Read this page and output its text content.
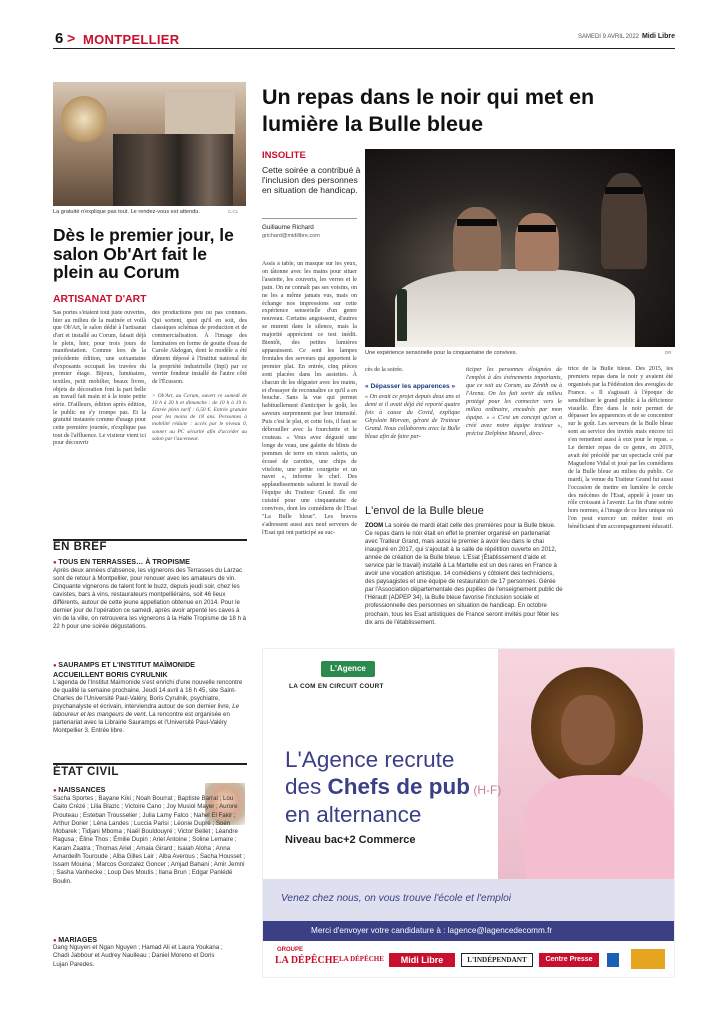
6 > MONTPELLIER	SAMEDI 9 AVRIL 2022 Midi Libre
La gratuité n'explique pas tout. Le rendez-vous est attendu.	C.CL
Dès le premier jour, le salon Ob'Art fait le plein au Corum
ARTISANAT D'ART
Sas portes s'étaient tout juste ouvertes, hier au milieu de la matinée et voilà que Ob'Art, le salon dédié à l'artisanat d'art et installé au Corum, faisait déjà le plein, hier, pour trois jours de manifestation. Comme lors de la précédente édition, une soixantaine d'exposants occupait les travées du premier étage. Bijoux, luminaires, textiles, petit mobilier, beaux livres, objets de décoration font la part belle au travail fait main et à la toute petite série. D'ailleurs, édition après édition, le public ne s'y trompe pas. Et la gratuité instaurée comme d'usage pour cette première journée, n'explique pas tout de l'affluence. Le visiteur vient ici pour découvrir
des productions peu ou pas connues. Qui sortent, quoi qu'il en soit, des classiques schémas de production et de commercialisation. À l'image des luminaires en forme de goutte d'eau de Carole Akdogan, dont le modèle a été dûment déposé à l'Institut national de la propriété industrielle (Inpi) par ce verrier fondeur installé de l'autre côté de l'Écusson.
> Ob'Art, au Corum, ouvert ce samedi de 10 h à 20 h et dimanche : de 10 h à 19 h. Entrée plein tarif : 6,50 €. Entrée gratuite pour les moins de 18 ans. Personnes à mobilité réduite : accès par le niveau 0, sonner au PC sécurité afin d'accéder au salon par l'ascenseur.
EN BREF
● TOUS EN TERRASSES… À TROPISME
Après deux années d'absence, les vignerons des Terrasses du Larzac sont de retour à Montpellier, pour renouer avec les amateurs de vin. Cinquante vignerons de talent font le buzz, depuis jeudi soir, chez les cavistes, bars à vins, restaurateurs montpelliérains, soit 46 lieux différents, autour de cette jeune appellation obtenue en 2014. Pour le dernier jour de l'opération ce samedi, après avoir arpenté les caves à vin de la ville, on retrouvera les vignerons à la Halle Tropisme de 18 h à 22 h pour une soirée dégustations.
● SAURAMPS ET L'INSTITUT MAÏMONIDE ACCUEILLENT BORIS CYRULNIK
L'agenda de l'Institut Maïmonide s'est enrichi d'une nouvelle rencontre de qualité la semaine prochaine. Jeudi 14 avril à 16 h 45, site Saint-Charles de l'Université Paul-Valéry, Boris Cyrulnik, psychiatre, psychanalyste et écrivain, interviendra autour de son dernier livre, Le laboureur et les mangeurs de vent. La rencontre est organisée en partenariat avec la Librairie Sauramps et l'Université Paul-Valéry Montpellier 3. Entrée libre.
ÉTAT CIVIL
● NAISSANCES
Sacha Sportes ; Bayane Kiki ; Noah Bourrat ; Baptiste Barral ; Lou Caito Crézé ; Lilia Blazic ; Victoire Cano ; Joy Musiol Mayer ; Aurore Prouteau ; Esteban Trousselier ; Julia Lamy Falco ; Nahel El Fakir ; Arthur Dorier ; Léna Landes ; Luccia Parisi ; Léonie Dupré ; Soén Mobarek ; Tidjani Mboma ; Naël Bouldouyré ; Victor Bellet ; Léandre Ragusa ; Éline Thos ; Émilie Dupin ; Ariel Antoine ; Soline Lemaire ; Karam Zaatra ; Thomas Ariel ; Amaia Girard ; Isaiah Aloha ; Anna Amardeilh Touroude ; Alba Gilles Lair ; Alba Averous ; Sacha Housset ; Issam Mouina ; Marcos Gonzalez Goncer ; Amjad Bahani ; Amir Jemni ; Sasha Vanhecke ; Loup Des Moutis ; Ilana Brun ; Edgar Panlédé Boulin.
● MARIAGES
Dang Nguyen et Ngan Nguyen ; Hamad Ali et Laura Youkana ; Chadi Jabbour et Audrey Naulleau ; Daniel Moreno et Doris Lujan Paredes.
Un repas dans le noir qui met en lumière la Bulle bleue
INSOLITE
Cette soirée a contribué à l'inclusion des personnes en situation de handicap.
Guillaume Richard
grichard@midilibre.com
Une expérience sensorielle pour la cinquantaine de convives.	DR
Assis à table, un masque sur les yeux, on tâtonne avec les mains pour situer l'assiette, les couverts, les verres et le pain. On ne connaît pas ses voisins, on ne les a même jamais vus, mais on échange nos impressions sur cette expérience sensorielle d'un genre nouveau. Certains angoissent, d'autres se murent dans le silence, mais la majorité apprécient ce test inédit. Bientôt, des petites lumières apparaissent. Ce sont les lampes frontales des serveurs qui apportent le premier plat. En entrée, cinq pièces sont placées dans les assiettes. À chacun de les déguster avec les mains, et d'essayer de reconnaître ce qu'il a en bouche. Sans la vue qui permet habituellement d'anticiper le goût, les saveurs surprennent par leur intensité. Puis c'est le plat, et cette fois, il faut se débrouiller avec la fourchette et le couteau. « Vous avez dégusté une longe de veau, une galette de blinis de pommes de terre en vieux saleris, un écrasé de carottes, une chips de vitelotte, une petite courgette et un navet », informe le chef. Des applaudissements saluent le travail de l'équipe du Traiteur Grand. Ils ont cuisiné pour une cinquantaine de convives, dont les comédiens de l'Esat "La Bulle bleue". Les bravos s'adressent aussi aux neuf serveurs de l'Esat qui ont participé au suc-
cès de la soirée.
« Dépasser les apparences »
« On avait ce projet depuis deux ans et demi et il avait déjà été reporté quatre fois à cause du Covid, explique Ghyslain Morvan, gérant de Traiteur Grand. Nous collaborons avec la Bulle bleue afin de faire par-
ticiper les personnes éloignées de l'emploi à des événements importants, que ce soit au Corum, au Zénith ou à l'Arena. On les fait sortir du milieu protégé pour les connecter vers le milieu ordinaire, encadrés par mon équipe. » « C'est un concept qu'on a créé avec notre équipe traiteur », précise Delphine Maurel, direc-
trice de la Bulle bleue. Dès 2015, les premiers repas dans le noir y avaient été organisés par la Fédération des aveugles de France. « Il s'agissait à l'époque de sensibiliser le grand public à la déficience visuelle. Être dans le noir permet de dépasser les apparences et de se concentrer sur le goût. Les serveurs de la Bulle bleue sont au service des invités mais encore ici s'en remettent aussi à eux pour le repas. » Le dernier repas de ce genre, en 2019, avait été précédé par un spectacle créé par Maguelone Vidal et joué par les comédiens de la Bulle bleue au milieu du public. Ce mardi, la venue du Traiteur Grand fut aussi l'occasion de mettre en lumière le cercle des mécènes de l'Esat, appelé à jouer un rôle croissant à l'avenir. La fin d'une soirée hors normes, à l'image de ce lieu unique où l'on peut exercer un métier tout en bénéficiant d'un accompagnement éducatif.
L'envol de la Bulle bleue
ZOOM La soirée de mardi était celle des premières pour la Bulle bleue. Ce repas dans le noir était en effet le premier organisé en partenariat avec Traiteur Grand, mais aussi le premier à avoir lieu dans le chai inauguré en 2017, qui s'ajoutait à la salle de répétition ouverte en 2012, année de création de la Bulle bleue. L'Esat (Établissement d'aide et service par le travail) installé à La Martelle est un des rares en France à avoir une vocation artistique. 14 comédiens y côtoient des techniciens, des paysagistes et une équipe de restauration de 17 personnes. Gérée par l'Association départementale des pupilles de l'enseignement public de l'Hérault (ADPEP 34), la Bulle bleue favorise l'inclusion sociale et professionnelle des personnes en situation de handicap. En octobre prochain, tous les Esat artistiques de France seront invités pour fêter les dix ans de l'établissement.
L'Agence
LA COM EN CIRCUIT COURT
L'Agence recrute
des Chefs de pub (H-F)
en alternance
Niveau bac+2 Commerce
Venez chez nous, on vous trouve l'école et l'emploi
Merci d'envoyer votre candidature à : lagence@lagencedecomm.fr
GROUPE
LA DÉPÊCHE LA DÉPÊCHE	Midi Libre	L'INDÉPENDANT	Centre Presse
